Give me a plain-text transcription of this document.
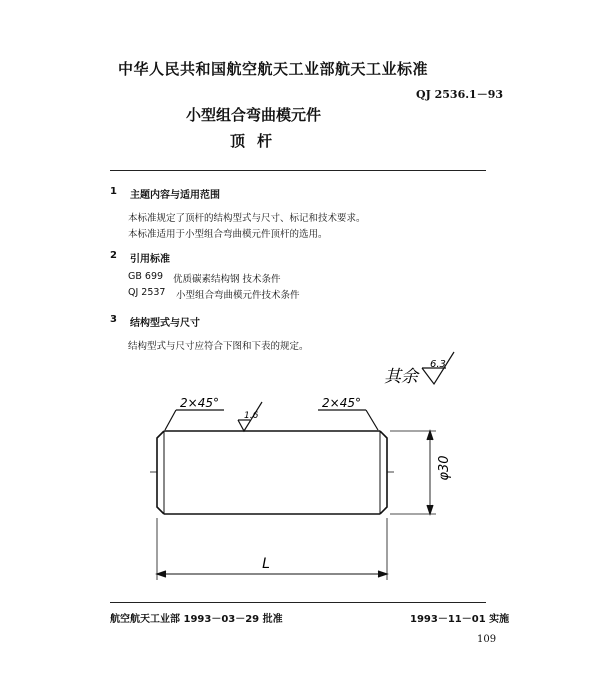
中华人民共和国航空航天工业部航天工业标准
QJ 2536.1－93
小型组合弯曲模元件
顶杆
1 主题内容与适用范围
本标准规定了顶杆的结构型式与尺寸、标记和技术要求。
本标准适用于小型组合弯曲模元件顶杆的选用。
2 引用标准
GB 699 优质碳素结构钢 技术条件
QJ 2537 小型组合弯曲模元件技术条件
3 结构型式与尺寸
结构型式与尺寸应符合下图和下表的规定。
其余
6.3
2×45°	2×45°
1.6
φ30
L
航空航天工业部 1993－03－29 批准	1993－11－01 实施
109
